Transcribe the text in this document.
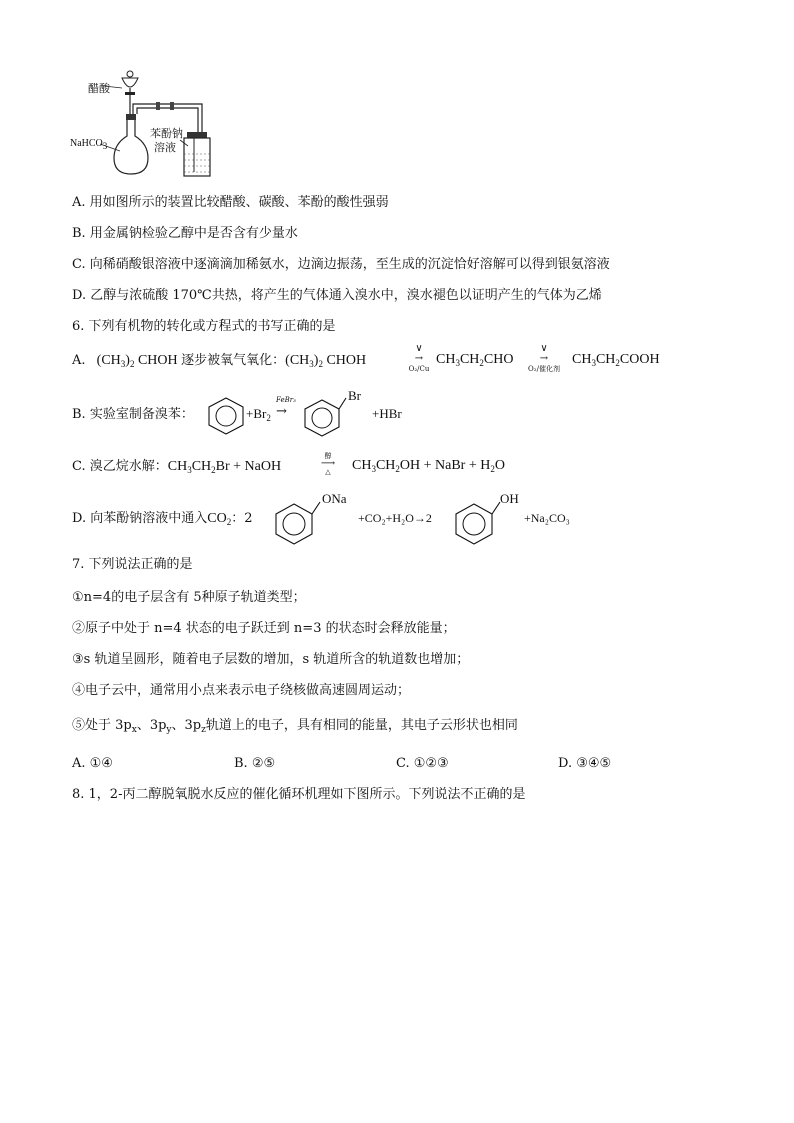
醋酸
NaHCO$_3$
苯酚钠
溶液
A. 用如图所示的装置比较醋酸、碳酸、苯酚的酸性强弱
B. 用金属钠检验乙醇中是否含有少量水
C. 向稀硝酸银溶液中逐滴滴加稀氨水，边滴边振荡，至生成的沉淀恰好溶解可以得到银氨溶液
D. 乙醇与浓硫酸 170℃共热，将产生的气体通入溴水中，溴水褪色以证明产生的气体为乙烯
6. 下列有机物的转化或方程式的书写正确的是
A.   $(CH_3)_2$ CHOH 逐步被氧气氧化：$(CH_3)_2$ CHOH
∨
→
O₂/Cu
$CH_3CH_2CHO$
∨
→
O₂/催化剂
$CH_3CH_2COOH$
B. 实验室制备溴苯：	$+Br_2$
FeBr₃
→
Br
+HBr
C. 溴乙烷水解：$CH_3CH_2Br$ + NaOH
醇
⟶
△	$CH_3CH_2OH$ + NaBr + $H_2O$
D. 向苯酚钠溶液中通入$CO_2$：2
ONa
+CO₂+H₂O→2
OH
+Na₂CO₃
7. 下列说法正确的是
①n=4的电子层含有 5种原子轨道类型；
②原子中处于 n=4 状态的电子跃迁到 n=3 的状态时会释放能量；
③s 轨道呈圆形，随着电子层数的增加，s 轨道所含的轨道数也增加；
④电子云中，通常用小点来表示电子绕核做高速圆周运动；
⑤处于 $3p_x$、$3p_y$、$3p_z$轨道上的电子，具有相同的能量，其电子云形状也相同
A. ①④	B. ②⑤	C. ①②③	D. ③④⑤
8. 1，2-丙二醇脱氧脱水反应的催化循环机理如下图所示。下列说法不正确的是
